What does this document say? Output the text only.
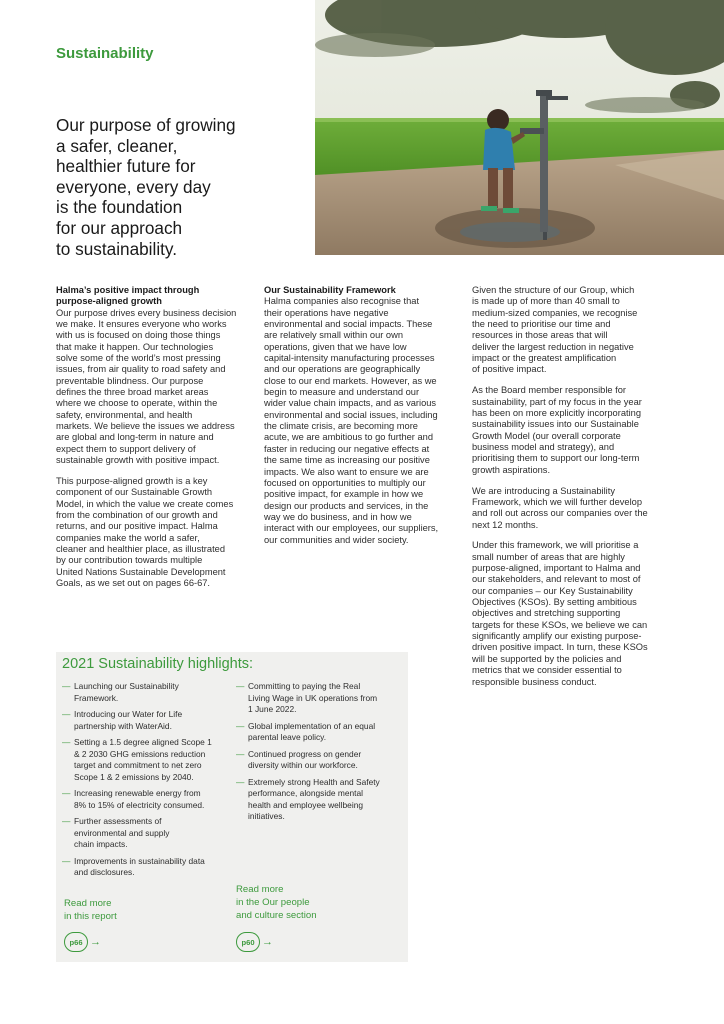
Sustainability
Our purpose of growing
a safer, cleaner,
healthier future for
everyone, every day
is the foundation
for our approach
to sustainability.
Halma’s positive impact through
purpose-aligned growth
Our purpose drives every business decision
we make. It ensures everyone who works
with us is focused on doing those things
that make it happen. Our technologies
solve some of the world’s most pressing
issues, from air quality to road safety and
preventable blindness. Our purpose
defines the three broad market areas
where we choose to operate, within the
safety, environmental, and health
markets. We believe the issues we address
are global and long-term in nature and
expect them to support delivery of
sustainable growth with positive impact.
This purpose-aligned growth is a key
component of our Sustainable Growth
Model, in which the value we create comes
from the combination of our growth and
returns, and our positive impact. Halma
companies make the world a safer,
cleaner and healthier place, as illustrated
by our contribution towards multiple
United Nations Sustainable Development
Goals, as we set out on pages 66-67.
Our Sustainability Framework
Halma companies also recognise that
their operations have negative
environmental and social impacts. These
are relatively small within our own
operations, given that we have low
capital-intensity manufacturing processes
and our operations are geographically
close to our end markets. However, as we
begin to measure and understand our
wider value chain impacts, and as various
environmental and social issues, including
the climate crisis, are becoming more
acute, we are ambitious to go further and
faster in reducing our negative effects at
the same time as increasing our positive
impacts. We also want to ensure we are
focused on opportunities to multiply our
positive impact, for example in how we
design our products and services, in the
way we do business, and in how we
interact with our employees, our suppliers,
our communities and wider society.
Given the structure of our Group, which
is made up of more than 40 small to
medium-sized companies, we recognise
the need to prioritise our time and
resources in those areas that will
deliver the largest reduction in negative
impact or the greatest amplification
of positive impact.
As the Board member responsible for
sustainability, part of my focus in the year
has been on more explicitly incorporating
sustainability issues into our Sustainable
Growth Model (our overall corporate
business model and strategy), and
prioritising them to support our long-term
growth aspirations.
We are introducing a Sustainability
Framework, which we will further develop
and roll out across our companies over the
next 12 months.
Under this framework, we will prioritise a
small number of areas that are highly
purpose-aligned, important to Halma and
our stakeholders, and relevant to most of
our companies – our Key Sustainability
Objectives (KSOs). By setting ambitious
objectives and stretching supporting
targets for these KSOs, we believe we can
significantly amplify our existing purpose-
driven positive impact. In turn, these KSOs
will be supported by the policies and
metrics that we consider essential to
responsible business conduct.
2021 Sustainability highlights:
— Launching our Sustainability
Framework.
— Introducing our Water for Life
partnership with WaterAid.
— Setting a 1.5 degree aligned Scope 1
& 2 2030 GHG emissions reduction
target and commitment to net zero
Scope 1 & 2 emissions by 2040.
— Increasing renewable energy from
8% to 15% of electricity consumed.
— Further assessments of
environmental and supply
chain impacts.
— Improvements in sustainability data
and disclosures.
— Committing to paying the Real
Living Wage in UK operations from
1 June 2022.
— Global implementation of an equal
parental leave policy.
— Continued progress on gender
diversity within our workforce.
— Extremely strong Health and Safety
performance, alongside mental
health and employee wellbeing
initiatives.
Read more
in this report
Read more
in the Our people
and culture section
p66 →	p60 →
